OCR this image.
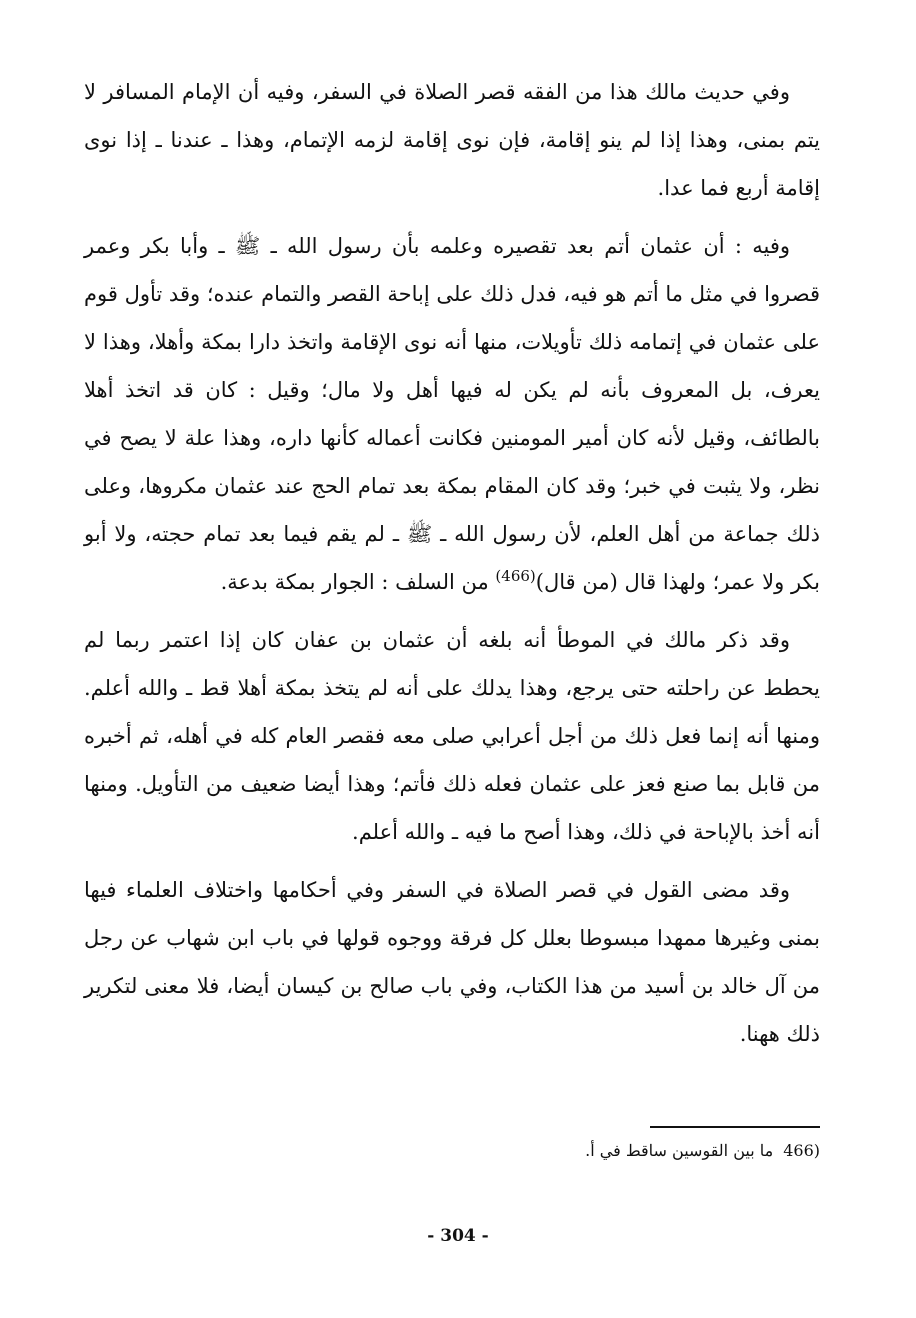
وفي حديث مالك هذا من الفقه قصر الصلاة في السفر، وفيه أن الإمام المسافر لا يتم بمنى، وهذا إذا لم ينو إقامة، فإن نوى إقامة لزمه الإتمام، وهذا ـ عندنا ـ إذا نوى إقامة أربع فما عدا.

وفيه : أن عثمان أتم بعد تقصيره وعلمه بأن رسول الله ـ ﷺ ـ وأبا بكر وعمر قصروا في مثل ما أتم هو فيه، فدل ذلك على إباحة القصر والتمام عنده؛ وقد تأول قوم على عثمان في إتمامه ذلك تأويلات، منها أنه نوى الإقامة واتخذ دارا بمكة وأهلا، وهذا لا يعرف، بل المعروف بأنه لم يكن له فيها أهل ولا مال؛ وقيل : كان قد اتخذ أهلا بالطائف، وقيل لأنه كان أمير المومنين فكانت أعماله كأنها داره، وهذا علة لا يصح في نظر، ولا يثبت في خبر؛ وقد كان المقام بمكة بعد تمام الحج عند عثمان مكروها، وعلى ذلك جماعة من أهل العلم، لأن رسول الله ـ ﷺ ـ لم يقم فيما بعد تمام حجته، ولا أبو بكر ولا عمر؛ ولهذا قال (من قال)$^{(466)}$ من السلف : الجوار بمكة بدعة.

وقد ذكر مالك في الموطأ أنه بلغه أن عثمان بن عفان كان إذا اعتمر ربما لم يحطط عن راحلته حتى يرجع، وهذا يدلك على أنه لم يتخذ بمكة أهلا قط ـ والله أعلم. ومنها أنه إنما فعل ذلك من أجل أعرابي صلى معه فقصر العام كله في أهله، ثم أخبره من قابل بما صنع فعز على عثمان فعله ذلك فأتم؛ وهذا أيضا ضعيف من التأويل. ومنها أنه أخذ بالإباحة في ذلك، وهذا أصح ما فيه ـ والله أعلم.

وقد مضى القول في قصر الصلاة في السفر وفي أحكامها واختلاف العلماء فيها بمنى وغيرها ممهدا مبسوطا بعلل كل فرقة ووجوه قولها في باب ابن شهاب عن رجل من آل خالد بن أسيد من هذا الكتاب، وفي باب صالح بن كيسان أيضا، فلا معنى لتكرير ذلك ههنا.

(466ما بين القوسين ساقط في أ.
- 304 -
